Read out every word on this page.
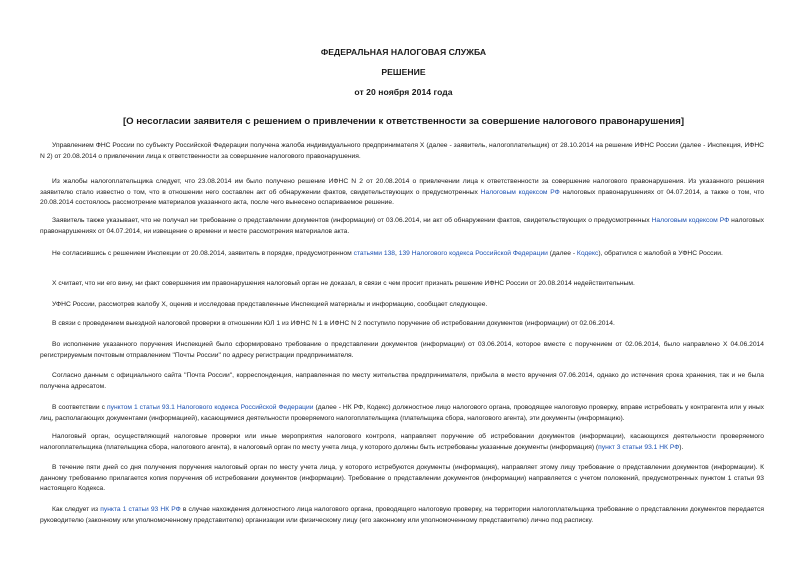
ФЕДЕРАЛЬНАЯ НАЛОГОВАЯ СЛУЖБА
РЕШЕНИЕ
от 20 ноября 2014 года
[О несогласии заявителя с решением о привлечении к ответственности за совершение налогового правонарушения]

Управлением ФНС России по субъекту Российской Федерации получена жалоба индивидуального предпринимателя X (далее - заявитель, налогоплательщик) от 28.10.2014 на решение ИФНС России (далее - Инспекция, ИФНС N 2) от 20.08.2014 о привлечении лица к ответственности за совершение налогового правонарушения.

Из жалобы налогоплательщика следует, что 23.08.2014 им было получено решение ИФНС N 2 от 20.08.2014 о привлечении лица к ответственности за совершение налогового правонарушения. Из указанного решения заявителю стало известно о том, что в отношении него составлен акт об обнаружении фактов, свидетельствующих о предусмотренных Налоговым кодексом РФ налоговых правонарушениях от 04.07.2014, а также о том, что 20.08.2014 состоялось рассмотрение материалов указанного акта, после чего вынесено оспариваемое решение.

Заявитель также указывает, что не получал ни требование о представлении документов (информации) от 03.06.2014, ни акт об обнаружении фактов, свидетельствующих о предусмотренных Налоговым кодексом РФ налоговых правонарушениях от 04.07.2014, ни извещение о времени и месте рассмотрения материалов акта.

Не согласившись с решением Инспекции от 20.08.2014, заявитель в порядке, предусмотренном статьями 138, 139 Налогового кодекса Российской Федерации (далее - Кодекс), обратился с жалобой в УФНС России.

X считает, что ни его вину, ни факт совершения им правонарушения налоговый орган не доказал, в связи с чем просит признать решение ИФНС России от 20.08.2014 недействительным.

УФНС России, рассмотрев жалобу X, оценив и исследовав представленные Инспекцией материалы и информацию, сообщает следующее.

В связи с проведением выездной налоговой проверки в отношении ЮЛ 1 из ИФНС N 1 в ИФНС N 2 поступило поручение об истребовании документов (информации) от 02.06.2014.

Во исполнение указанного поручения Инспекцией было сформировано требование о представлении документов (информации) от 03.06.2014, которое вместе с поручением от 02.06.2014, было направлено X 04.06.2014 регистрируемым почтовым отправлением "Почты России" по адресу регистрации предпринимателя.

Согласно данным с официального сайта "Почта России", корреспонденция, направленная по месту жительства предпринимателя, прибыла в место вручения 07.06.2014, однако до истечения срока хранения, так и не была получена адресатом.

В соответствии с пунктом 1 статьи 93.1 Налогового кодекса Российской Федерации (далее - НК РФ, Кодекс) должностное лицо налогового органа, проводящее налоговую проверку, вправе истребовать у контрагента или у иных лиц, располагающих документами (информацией), касающимися деятельности проверяемого налогоплательщика (плательщика сбора, налогового агента), эти документы (информацию).

Налоговый орган, осуществляющий налоговые проверки или иные мероприятия налогового контроля, направляет поручение об истребовании документов (информации), касающихся деятельности проверяемого налогоплательщика (плательщика сбора, налогового агента), в налоговый орган по месту учета лица, у которого должны быть истребованы указанные документы (информация) (пункт 3 статьи 93.1 НК РФ).

В течение пяти дней со дня получения поручения налоговый орган по месту учета лица, у которого истребуются документы (информация), направляет этому лицу требование о представлении документов (информации). К данному требованию прилагается копия поручения об истребовании документов (информации). Требование о представлении документов (информации) направляется с учетом положений, предусмотренных пунктом 1 статьи 93 настоящего Кодекса.

Как следует из пункта 1 статьи 93 НК РФ в случае нахождения должностного лица налогового органа, проводящего налоговую проверку, на территории налогоплательщика требование о представлении документов передается руководителю (законному или уполномоченному представителю) организации или физическому лицу (его законному или уполномоченному представителю) лично под расписку.
